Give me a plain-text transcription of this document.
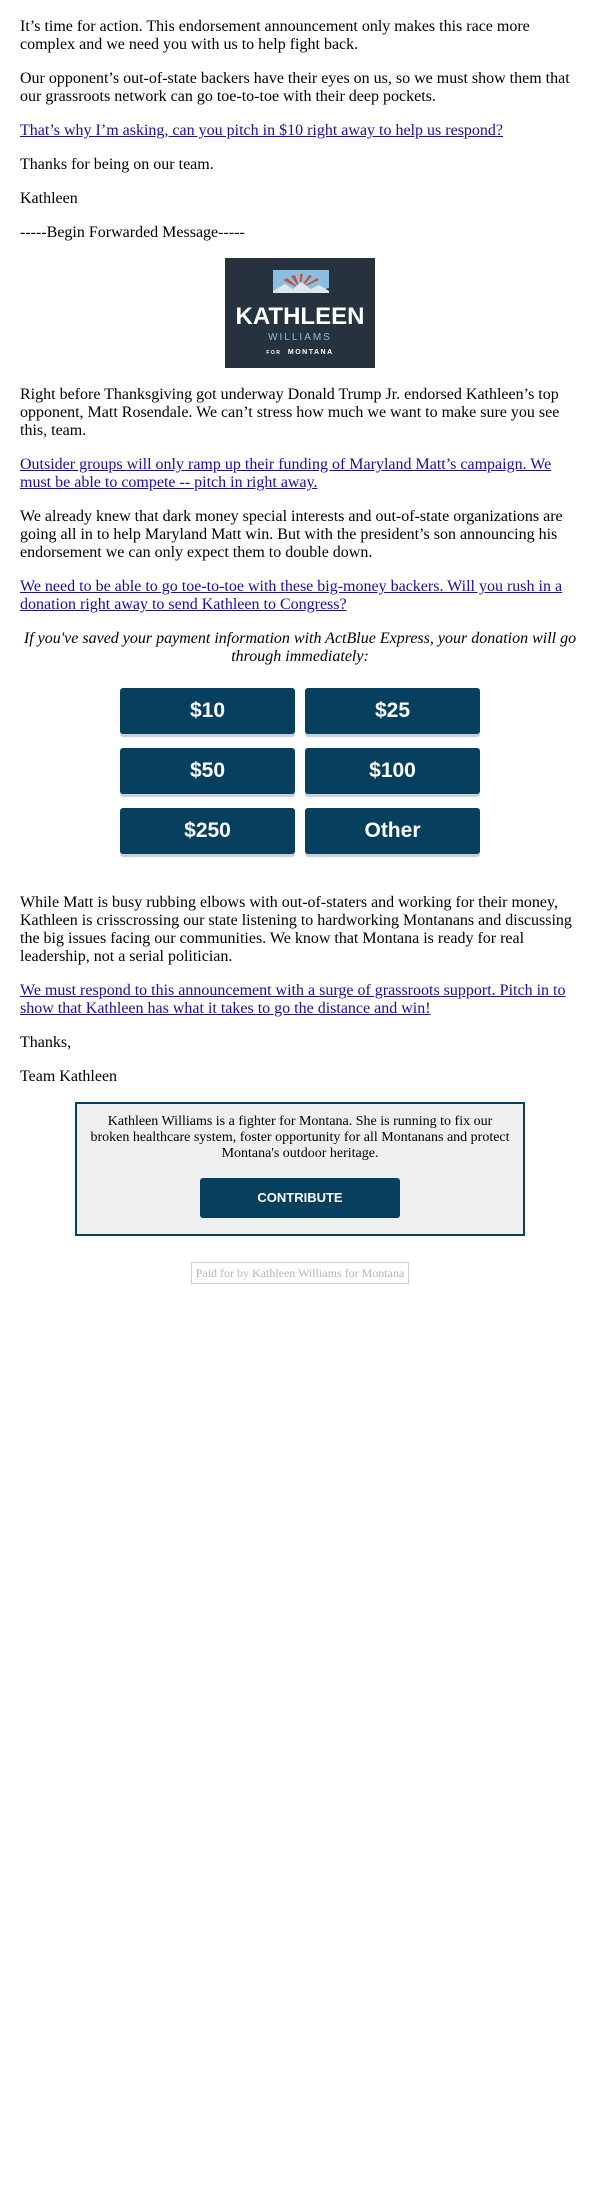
It’s time for action. This endorsement announcement only makes this race more complex and we need you with us to help fight back.

Our opponent’s out-of-state backers have their eyes on us, so we must show them that our grassroots network can go toe-to-toe with their deep pockets.

That’s why I’m asking, can you pitch in $10 right away to help us respond?

Thanks for being on our team.

Kathleen

-----Begin Forwarded Message-----

KATHLEEN
WILLIAMS
FOR MONTANA

Right before Thanksgiving got underway Donald Trump Jr. endorsed Kathleen’s top opponent, Matt Rosendale. We can’t stress how much we want to make sure you see this, team.

Outsider groups will only ramp up their funding of Maryland Matt’s campaign. We must be able to compete -- pitch in right away.

We already knew that dark money special interests and out-of-state organizations are going all in to help Maryland Matt win. But with the president’s son announcing his endorsement we can only expect them to double down.

We need to be able to go toe-to-toe with these big-money backers. Will you rush in a donation right away to send Kathleen to Congress?

If you've saved your payment information with ActBlue Express, your donation will go through immediately:

$10	$25
$50	$100
$250	Other

While Matt is busy rubbing elbows with out-of-staters and working for their money, Kathleen is crisscrossing our state listening to hardworking Montanans and discussing the big issues facing our communities. We know that Montana is ready for real leadership, not a serial politician.

We must respond to this announcement with a surge of grassroots support. Pitch in to show that Kathleen has what it takes to go the distance and win!

Thanks,

Team Kathleen

Kathleen Williams is a fighter for Montana. She is running to fix our broken healthcare system, foster opportunity for all Montanans and protect Montana's outdoor heritage.

CONTRIBUTE
Paid for by Kathleen Williams for Montana
